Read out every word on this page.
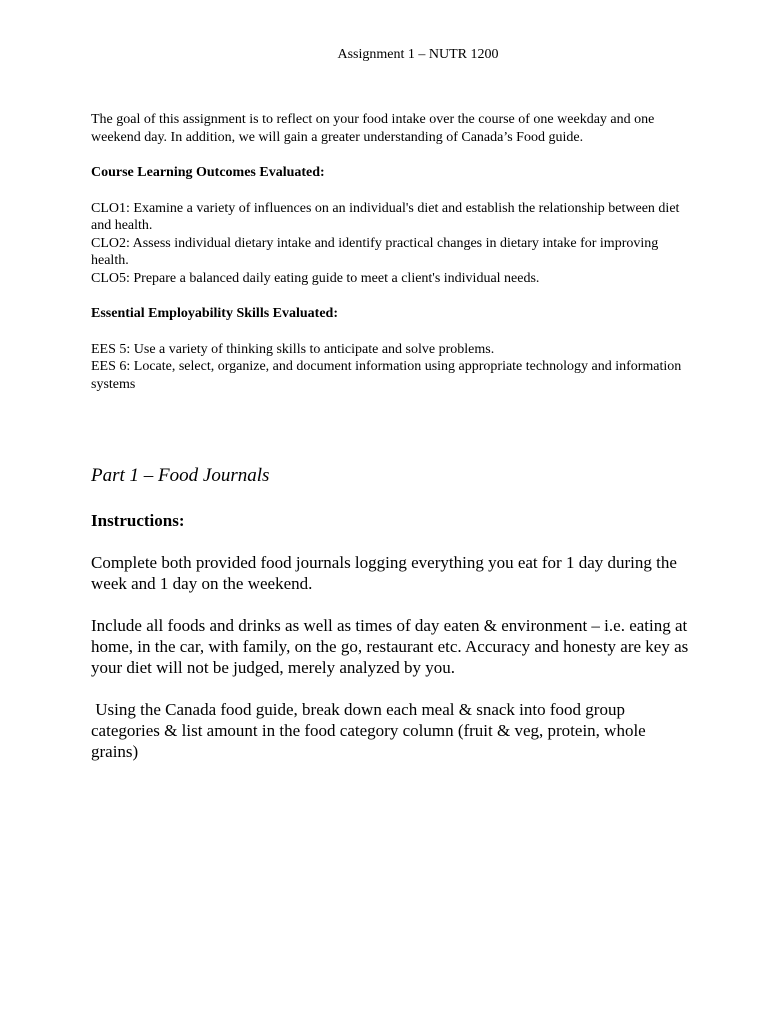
Assignment 1 – NUTR 1200

The goal of this assignment is to reflect on your food intake over the course of one weekday and one weekend day. In addition, we will gain a greater understanding of Canada’s Food guide.

Course Learning Outcomes Evaluated:

CLO1: Examine a variety of influences on an individual's diet and establish the relationship between diet and health.

CLO2: Assess individual dietary intake and identify practical changes in dietary intake for improving health.

CLO5: Prepare a balanced daily eating guide to meet a client's individual needs.

Essential Employability Skills Evaluated:

EES 5: Use a variety of thinking skills to anticipate and solve problems.

EES 6: Locate, select, organize, and document information using appropriate technology and information systems

Part 1 – Food Journals

Instructions:

Complete both provided food journals logging everything you eat for 1 day during the week and 1 day on the weekend.

Include all foods and drinks as well as times of day eaten & environment – i.e. eating at home, in the car, with family, on the go, restaurant etc. Accuracy and honesty are key as your diet will not be judged, merely analyzed by you.

Using the Canada food guide, break down each meal & snack into food group categories & list amount in the food category column (fruit & veg, protein, whole grains)
